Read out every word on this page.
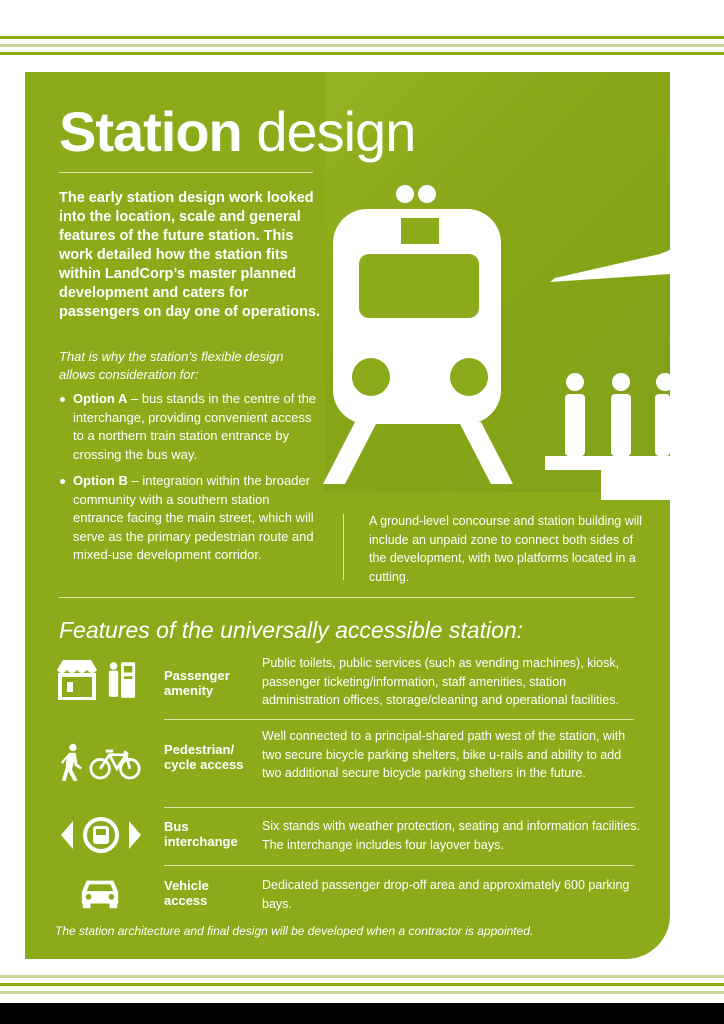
Station design
The early station design work looked into the location, scale and general features of the future station. This work detailed how the station fits within LandCorp’s master planned development and caters for passengers on day one of operations.
That is why the station’s flexible design allows consideration for:
Option A – bus stands in the centre of the interchange, providing convenient access to a northern train station entrance by crossing the bus way.
Option B – integration within the broader community with a southern station entrance facing the main street, which will serve as the primary pedestrian route and mixed-use development corridor.
A ground-level concourse and station building will include an unpaid zone to connect both sides of the development, with two platforms located in a cutting.
Features of the universally accessible station:
Passenger amenity
Public toilets, public services (such as vending machines), kiosk, passenger ticketing/information, staff amenities, station administration offices, storage/cleaning and operational facilities.
Pedestrian/ cycle access
Well connected to a principal-shared path west of the station, with two secure bicycle parking shelters, bike u-rails and ability to add two additional secure bicycle parking shelters in the future.
Bus interchange
Six stands with weather protection, seating and information facilities. The interchange includes four layover bays.
Vehicle access
Dedicated passenger drop-off area and approximately 600 parking bays.
The station architecture and final design will be developed when a contractor is appointed.
